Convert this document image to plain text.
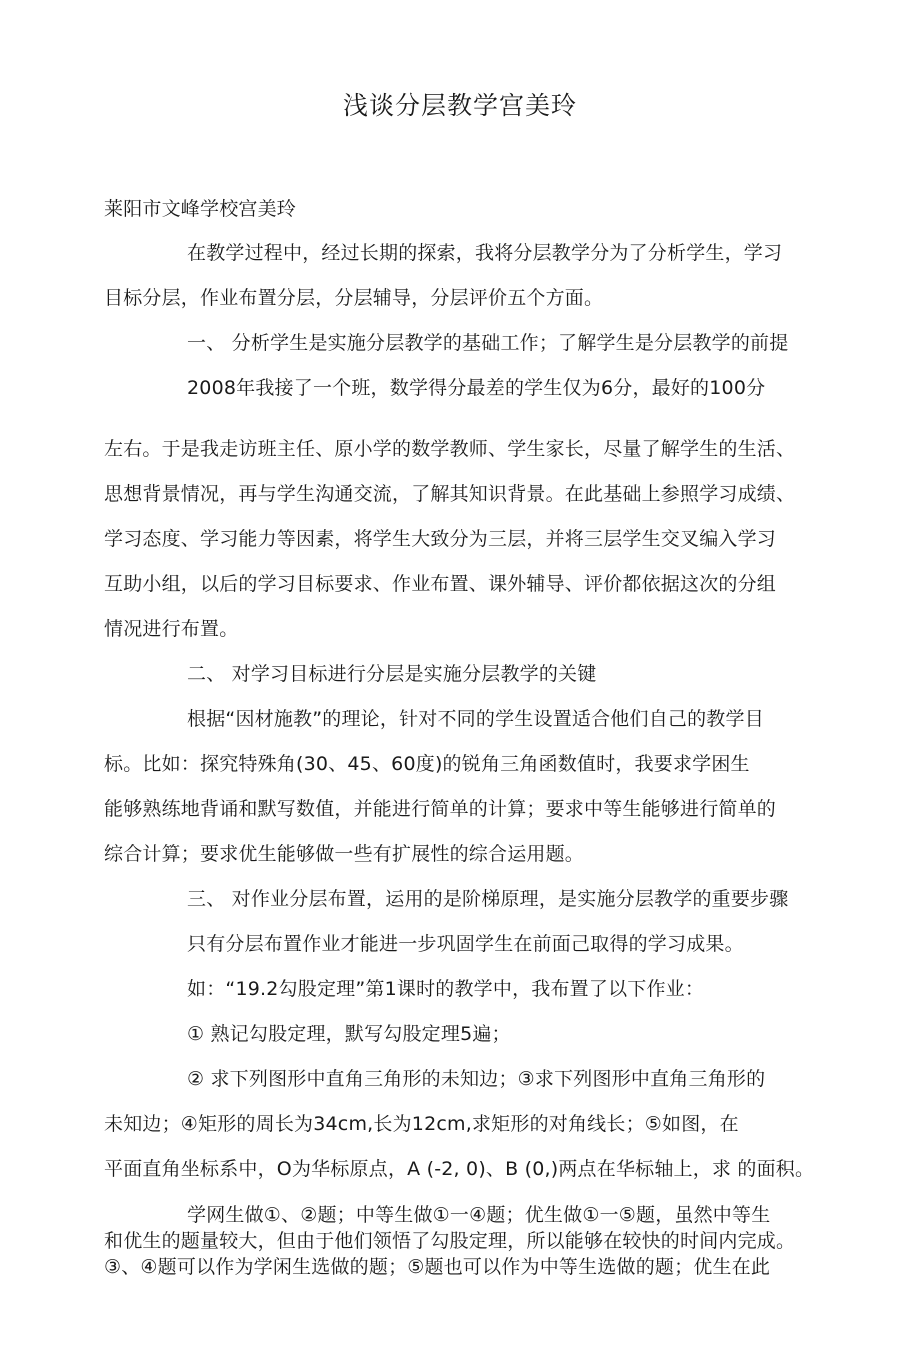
浅谈分层教学宫美玲
莱阳市文峰学校宫美玲
在教学过程中，经过长期的探索，我将分层教学分为了分析学生，学习
目标分层，作业布置分层，分层辅导，分层评价五个方面。
一、 分析学生是实施分层教学的基础工作；了解学生是分层教学的前提
2008年我接了一个班，数学得分最差的学生仅为6分，最好的100分
左右。于是我走访班主任、原小学的数学教师、学生家长，尽量了解学生的生活、
思想背景情况，再与学生沟通交流，了解其知识背景。在此基础上参照学习成绩、
学习态度、学习能力等因素，将学生大致分为三层，并将三层学生交叉编入学习
互助小组，以后的学习目标要求、作业布置、课外辅导、评价都依据这次的分组
情况进行布置。
二、 对学习目标进行分层是实施分层教学的关键
根据“因材施教”的理论，针对不同的学生设置适合他们自己的教学目
标。比如：探究特殊角(30、45、60度)的锐角三角函数值时，我要求学困生
能够熟练地背诵和默写数值，并能进行简单的计算；要求中等生能够进行简单的
综合计算；要求优生能够做一些有扩展性的综合运用题。
三、 对作业分层布置，运用的是阶梯原理，是实施分层教学的重要步骤
只有分层布置作业才能进一步巩固学生在前面己取得的学习成果。
如：“19.2勾股定理”第1课时的教学中，我布置了以下作业：
① 熟记勾股定理，默写勾股定理5遍；
② 求下列图形中直角三角形的未知边；③求下列图形中直角三角形的
未知边；④矩形的周长为34cm,长为12cm,求矩形的对角线长；⑤如图，在
平面直角坐标系中，O为华标原点，A (-2, 0)、B (0,)两点在华标轴上，求 的面积。
学网生做①、②题；中等生做①一④题；优生做①一⑤题，虽然中等生
和优生的题量较大，但由于他们领悟了勾股定理，所以能够在较快的时间内完成。
③、④题可以作为学闲生选做的题；⑤题也可以作为中等生选做的题；优生在此
